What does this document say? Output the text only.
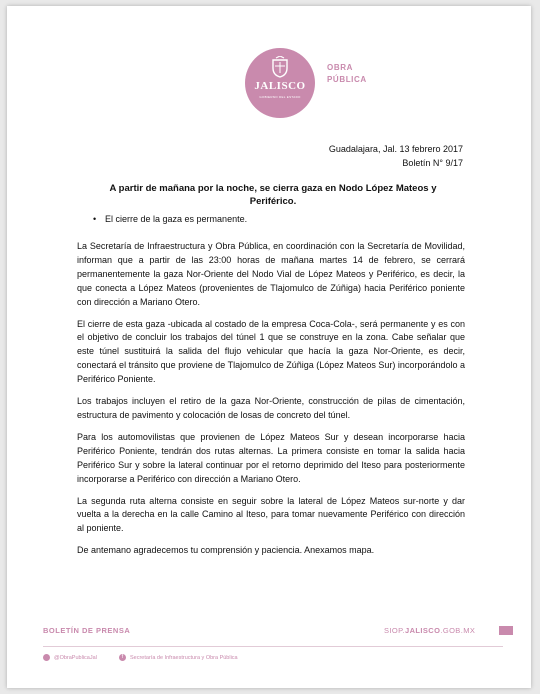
JALISCO
GOBIERNO DEL ESTADO
OBRA
PÚBLICA
Guadalajara, Jal. 13 febrero 2017
Boletín N° 9/17
A partir de mañana por la noche, se cierra gaza en Nodo López Mateos y Periférico.
• El cierre de la gaza es permanente.

La Secretaría de Infraestructura y Obra Pública, en coordinación con la Secretaría de Movilidad, informan que a partir de las 23:00 horas de mañana martes 14 de febrero, se cerrará permanentemente la gaza Nor-Oriente del Nodo Vial de López Mateos y Periférico, es decir, la que conecta a López Mateos (provenientes de Tlajomulco de Zúñiga) hacia Periférico poniente con dirección a Mariano Otero.

El cierre de esta gaza -ubicada al costado de la empresa Coca-Cola-, será permanente y es con el objetivo de concluir los trabajos del túnel 1 que se construye en la zona. Cabe señalar que este túnel sustituirá la salida del flujo vehicular que hacía la gaza Nor-Oriente, es decir, conectará el tránsito que proviene de Tlajomulco de Zúñiga (López Mateos Sur) incorporándolo a Periférico Poniente.

Los trabajos incluyen el retiro de la gaza Nor-Oriente, construcción de pilas de cimentación, estructura de pavimento y colocación de losas de concreto del túnel.

Para los automovilistas que provienen de López Mateos Sur y desean incorporarse hacia Periférico Poniente, tendrán dos rutas alternas. La primera consiste en tomar la salida hacia Periférico Sur y sobre la lateral continuar por el retorno deprimido del Iteso para posteriormente incorporarse a Periférico con dirección a Mariano Otero.

La segunda ruta alterna consiste en seguir sobre la lateral de López Mateos sur-norte y dar vuelta a la derecha en la calle Camino al Iteso, para tomar nuevamente Periférico con dirección al poniente.

De antemano agradecemos tu comprensión y paciencia. Anexamos mapa.

BOLETÍN DE PRENSA	SIOP.JALISCO.GOB.MX
@ObraPublicaJal	f Secretaría de Infraestructura y Obra Pública
